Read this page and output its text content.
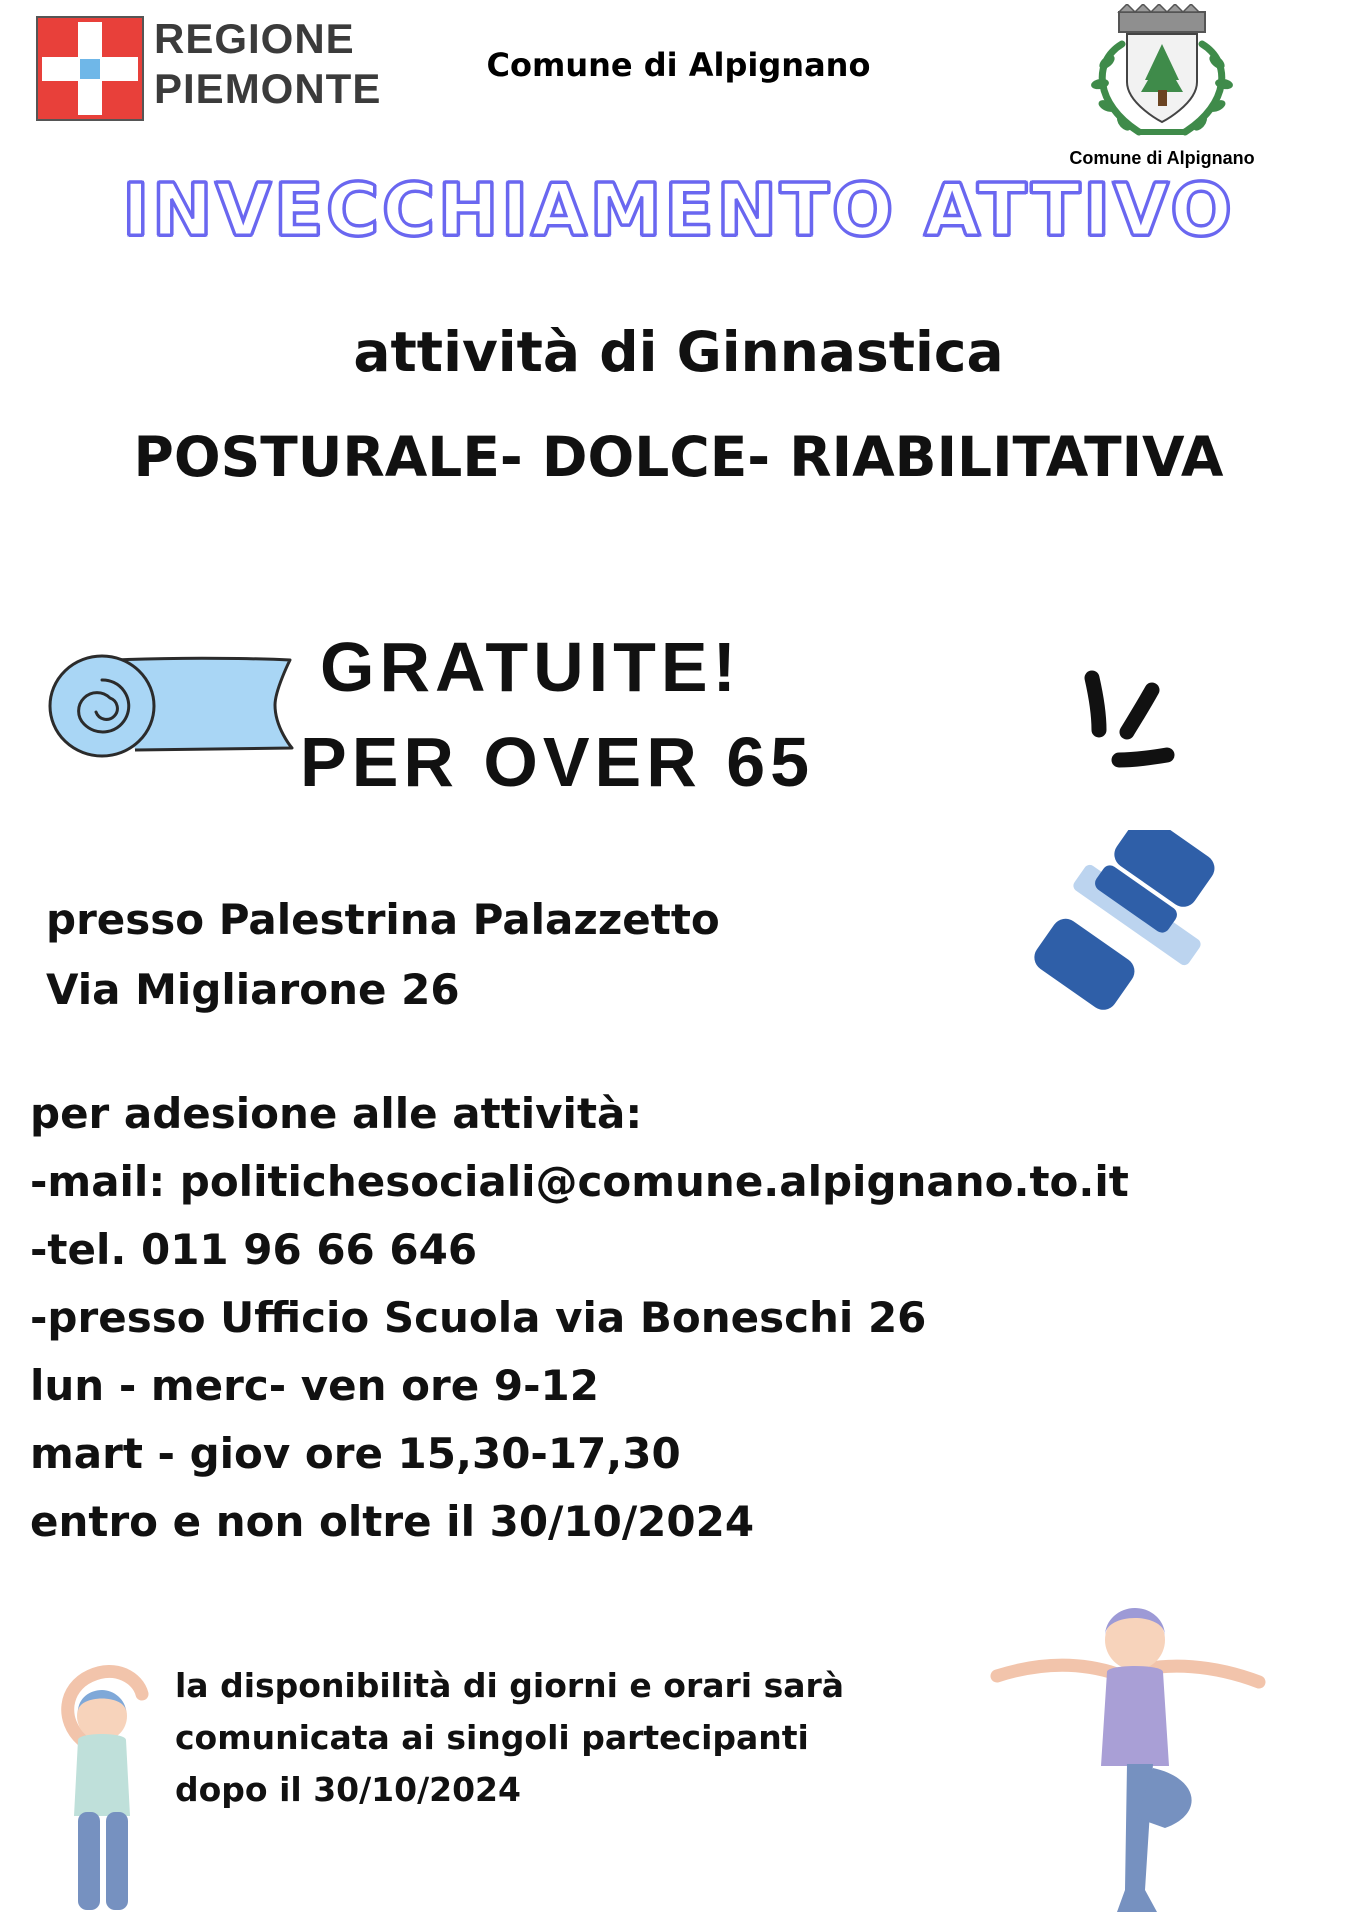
REGIONE
PIEMONTE	Comune di Alpignano
Comune di Alpignano
INVECCHIAMENTO ATTIVO
attività di Ginnastica
POSTURALE- DOLCE- RIABILITATIVA
GRATUITE!
PER OVER 65
presso Palestrina Palazzetto
Via Migliarone 26
per adesione alle attività:
-mail: politichesociali@comune.alpignano.to.it
-tel. 011 96 66 646
-presso Ufficio Scuola via Boneschi 26
lun - merc- ven ore 9-12
mart - giov ore 15,30-17,30
entro e non oltre il 30/10/2024
la disponibilità di giorni e orari sarà
comunicata ai singoli partecipanti
dopo il 30/10/2024
